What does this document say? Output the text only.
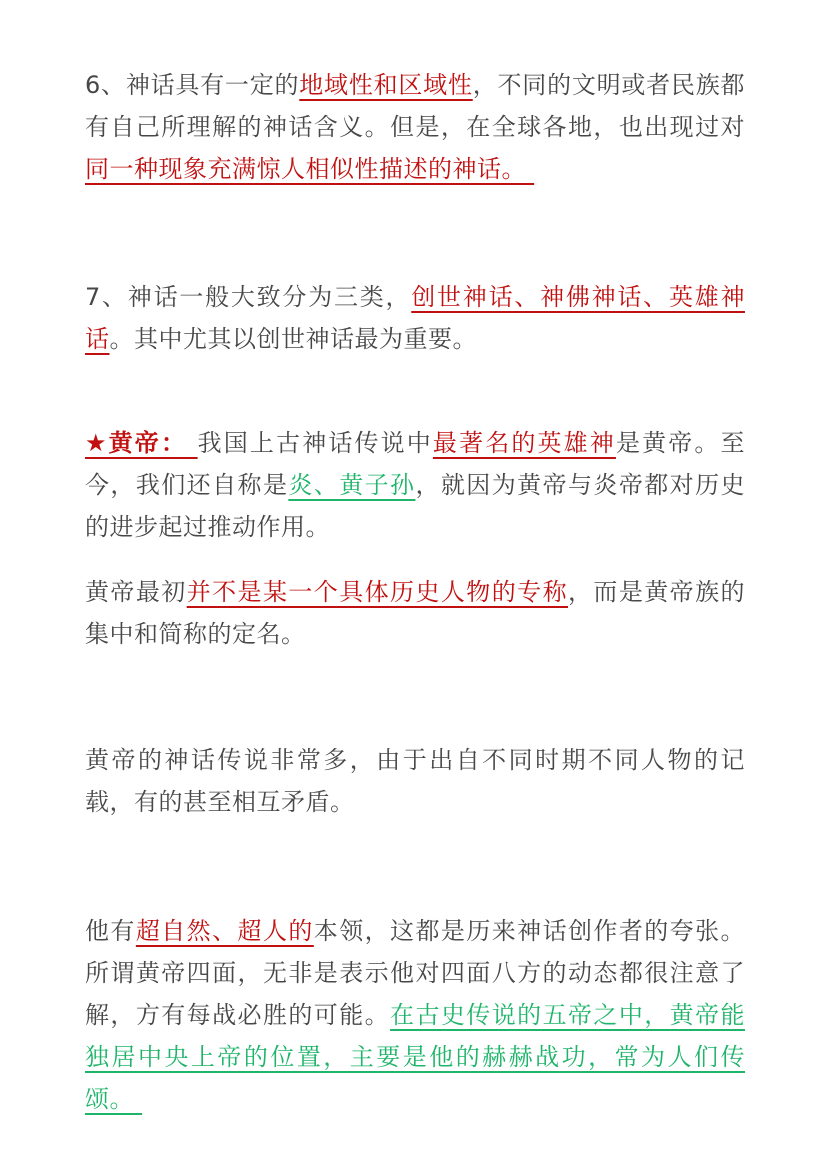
6、神话具有一定的地域性和区域性，不同的文明或者民族都有自己所理解的神话含义。但是，在全球各地，也出现过对同一种现象充满惊人相似性描述的神话。

7、神话一般大致分为三类，创世神话、神佛神话、英雄神话。其中尤其以创世神话最为重要。

★黄帝： 我国上古神话传说中最著名的英雄神是黄帝。至今，我们还自称是炎、黄子孙，就因为黄帝与炎帝都对历史的进步起过推动作用。

黄帝最初并不是某一个具体历史人物的专称，而是黄帝族的集中和简称的定名。

黄帝的神话传说非常多，由于出自不同时期不同人物的记载，有的甚至相互矛盾。

他有超自然、超人的本领，这都是历来神话创作者的夸张。所谓黄帝四面，无非是表示他对四面八方的动态都很注意了解，方有每战必胜的可能。在古史传说的五帝之中，黄帝能独居中央上帝的位置，主要是他的赫赫战功，常为人们传颂。
